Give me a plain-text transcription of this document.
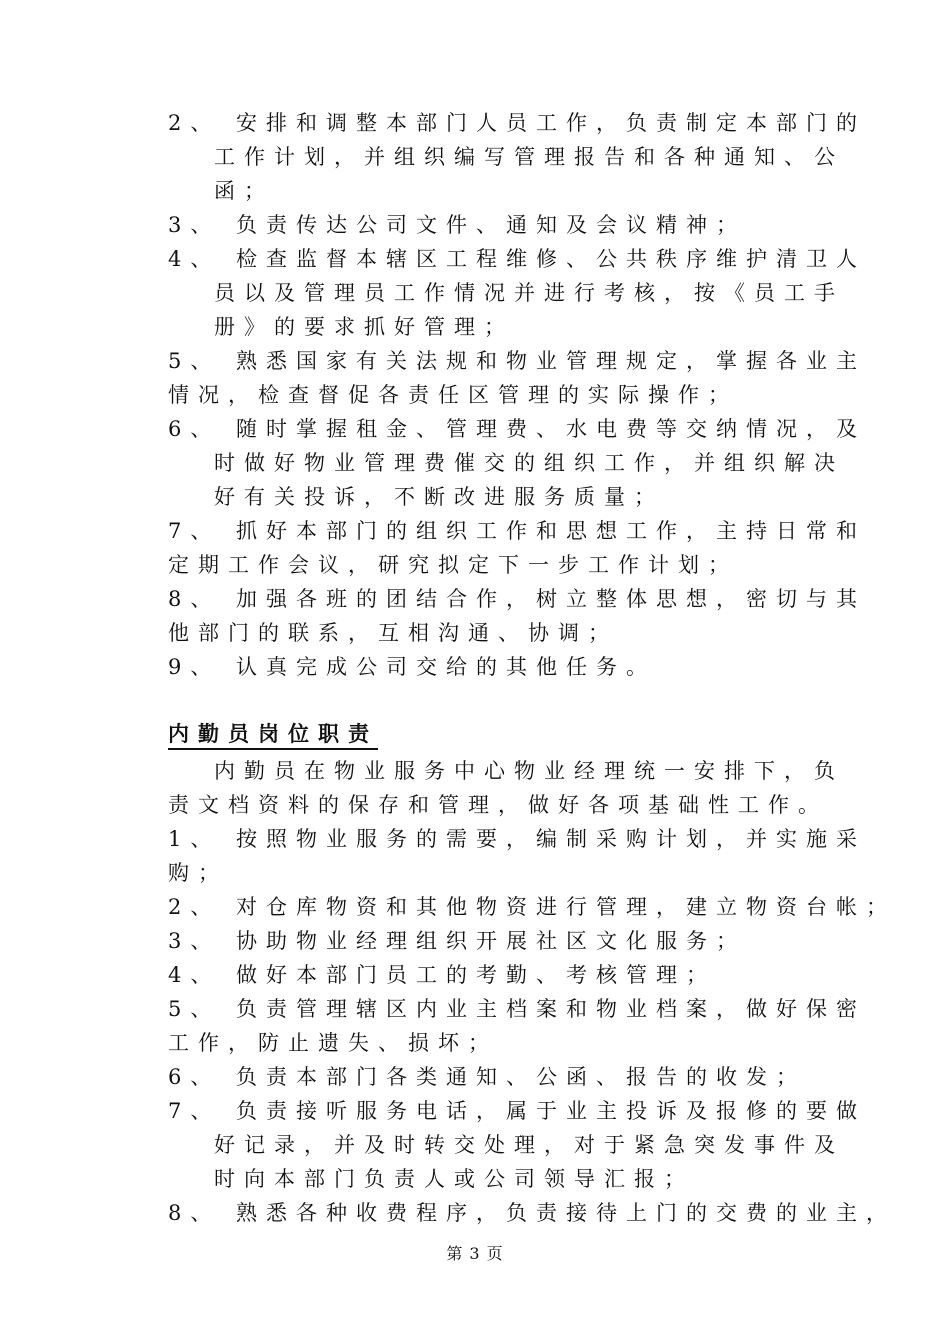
2、 安排和调整本部门人员工作，负责制定本部门的
工作计划，并组织编写管理报告和各种通知、公
函；
3、 负责传达公司文件、通知及会议精神；
4、 检查监督本辖区工程维修、公共秩序维护清卫人
员以及管理员工作情况并进行考核，按《员工手
册》的要求抓好管理；
5、 熟悉国家有关法规和物业管理规定，掌握各业主
情况，检查督促各责任区管理的实际操作；
6、 随时掌握租金、管理费、水电费等交纳情况，及
时做好物业管理费催交的组织工作，并组织解决
好有关投诉，不断改进服务质量；
7、 抓好本部门的组织工作和思想工作，主持日常和
定期工作会议，研究拟定下一步工作计划；
8、 加强各班的团结合作，树立整体思想，密切与其
他部门的联系，互相沟通、协调；
9、 认真完成公司交给的其他任务。
内勤员岗位职责
内勤员在物业服务中心物业经理统一安排下，负
责文档资料的保存和管理，做好各项基础性工作。
1、 按照物业服务的需要，编制采购计划，并实施采
购；
2、 对仓库物资和其他物资进行管理，建立物资台帐；
3、 协助物业经理组织开展社区文化服务；
4、 做好本部门员工的考勤、考核管理；
5、 负责管理辖区内业主档案和物业档案，做好保密
工作，防止遗失、损坏；
6、 负责本部门各类通知、公函、报告的收发；
7、 负责接听服务电话，属于业主投诉及报修的要做
好记录，并及时转交处理，对于紧急突发事件及
时向本部门负责人或公司领导汇报；
8、 熟悉各种收费程序，负责接待上门的交费的业主，
第 3 页
